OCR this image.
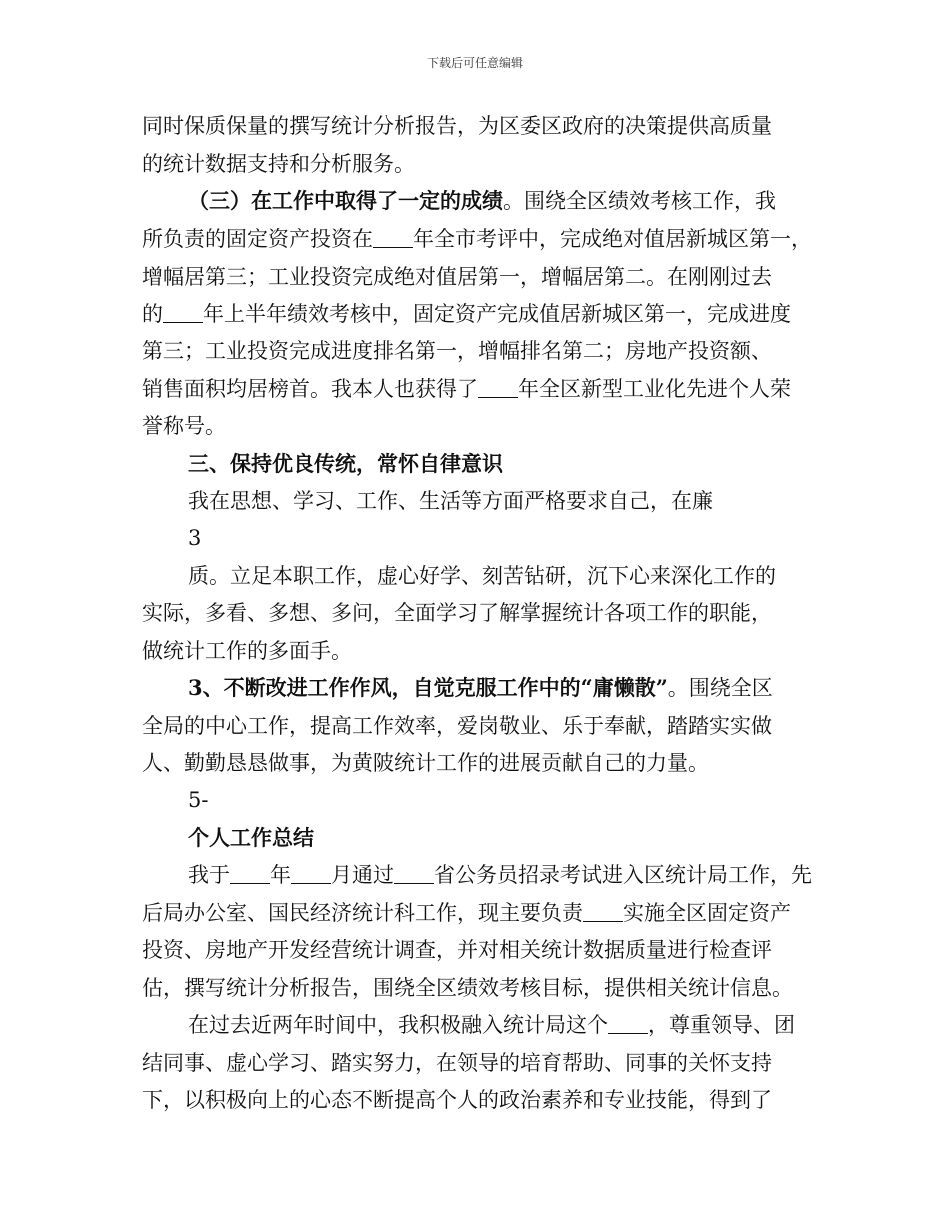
下载后可任意编辑
同时保质保量的撰写统计分析报告，为区委区政府的决策提供高质量
的统计数据支持和分析服务。
（三）在工作中取得了一定的成绩。围绕全区绩效考核工作，我
所负责的固定资产投资在 年全市考评中，完成绝对值居新城区第一，
增幅居第三；工业投资完成绝对值居第一，增幅居第二。在刚刚过去
的 年上半年绩效考核中，固定资产完成值居新城区第一，完成进度
第三；工业投资完成进度排名第一，增幅排名第二；房地产投资额、
销售面积均居榜首。我本人也获得了 年全区新型工业化先进个人荣
誉称号。
三、保持优良传统，常怀自律意识
我在思想、学习、工作、生活等方面严格要求自己，在廉
3
质。立足本职工作，虚心好学、刻苦钻研，沉下心来深化工作的
实际，多看、多想、多问，全面学习了解掌握统计各项工作的职能，
做统计工作的多面手。
3、不断改进工作作风，自觉克服工作中的“庸懒散”。围绕全区
全局的中心工作，提高工作效率，爱岗敬业、乐于奉献，踏踏实实做
人、勤勤恳恳做事，为黄陂统计工作的进展贡献自己的力量。
5-
个人工作总结
我于 年 月通过 省公务员招录考试进入区统计局工作，先
后局办公室、国民经济统计科工作，现主要负责 实施全区固定资产
投资、房地产开发经营统计调查，并对相关统计数据质量进行检查评
估，撰写统计分析报告，围绕全区绩效考核目标，提供相关统计信息。
在过去近两年时间中，我积极融入统计局这个 ，尊重领导、团
结同事、虚心学习、踏实努力，在领导的培育帮助、同事的关怀支持
下，以积极向上的心态不断提高个人的政治素养和专业技能，得到了
